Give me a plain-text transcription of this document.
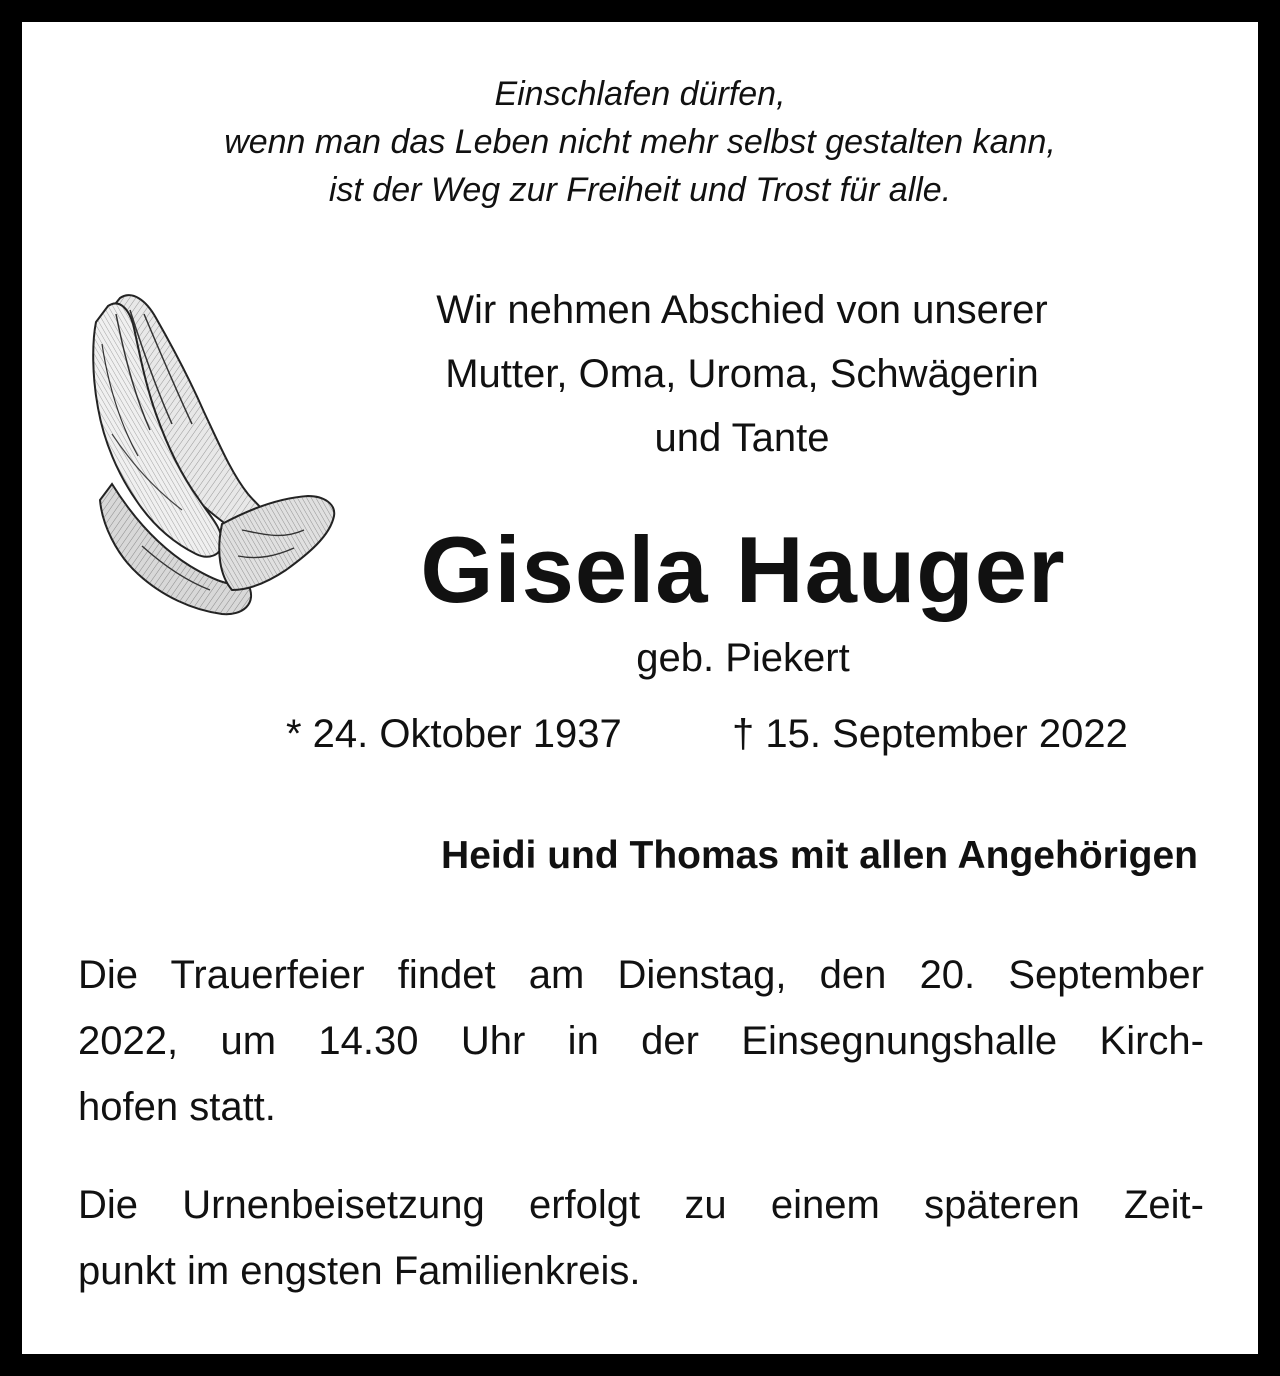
Einschlafen dürfen,
wenn man das Leben nicht mehr selbst gestalten kann,
ist der Weg zur Freiheit und Trost für alle.
Wir nehmen Abschied von unserer
Mutter, Oma, Uroma, Schwägerin
und Tante
Gisela Hauger
geb. Piekert
* 24. Oktober 1937	† 15. September 2022
Heidi und Thomas mit allen Angehörigen
Die Trauerfeier findet am Dienstag, den 20. September
2022, um 14.30 Uhr in der Einsegnungshalle Kirch-
hofen statt.
Die Urnenbeisetzung erfolgt zu einem späteren Zeit-
punkt im engsten Familienkreis.
